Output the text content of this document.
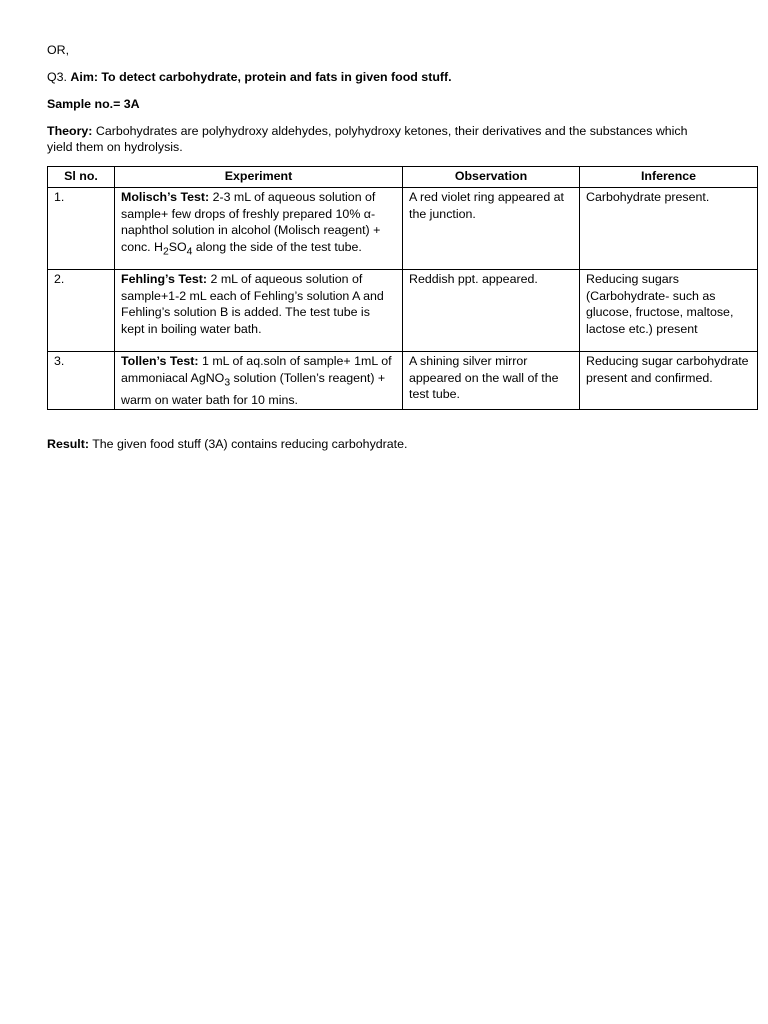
OR,

Q3. Aim: To detect carbohydrate, protein and fats in given food stuff.

Sample no.= 3A

Theory: Carbohydrates are polyhydroxy aldehydes, polyhydroxy ketones, their derivatives and the substances which yield them on hydrolysis.

Sl no.	Experiment	Observation	Inference
1.	Molisch’s Test: 2-3 mL of aqueous solution of sample+ few drops of freshly prepared 10% α-naphthol solution in alcohol (Molisch reagent) + conc. $H_2SO_4$ along the side of the test tube.	A red violet ring appeared at the junction.	Carbohydrate present.
2.	Fehling’s Test: 2 mL of aqueous solution of sample+1-2 mL each of Fehling’s solution A and Fehling’s solution B is added. The test tube is kept in boiling water bath.	Reddish ppt. appeared.	Reducing sugars (Carbohydrate- such as glucose, fructose, maltose, lactose etc.) present
3.	Tollen’s Test: 1 mL of aq.soln of sample+ 1mL of ammoniacal AgNO$_3$ solution (Tollen’s reagent) + warm on water bath for 10 mins.	A shining silver mirror appeared on the wall of the test tube.	Reducing sugar carbohydrate present and confirmed.

Result: The given food stuff (3A) contains reducing carbohydrate.
